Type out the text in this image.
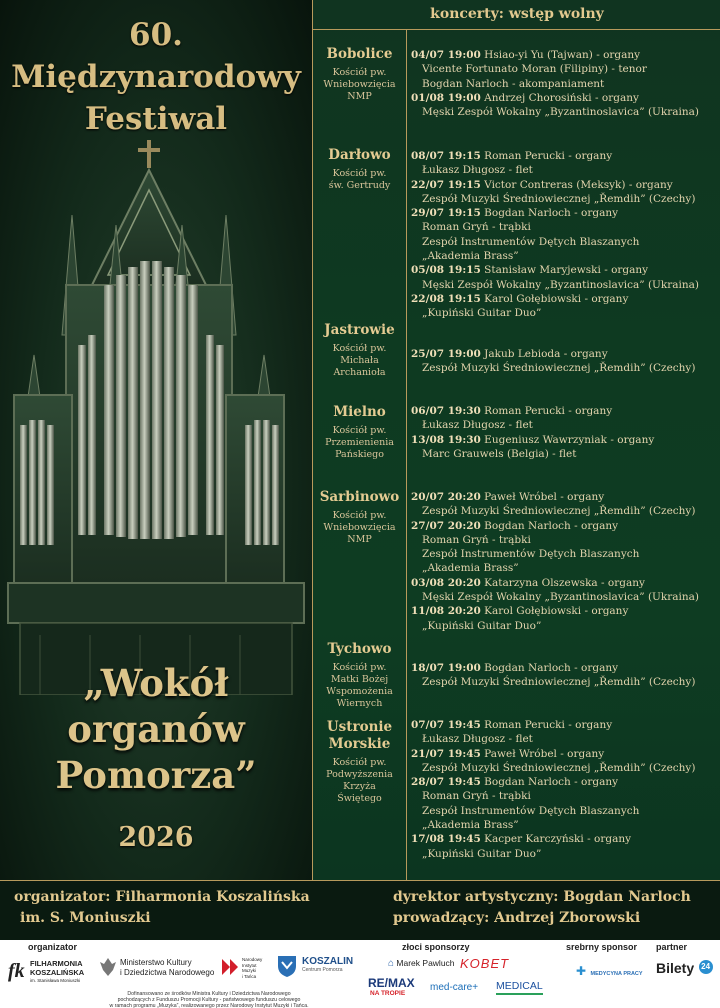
60.
Międzynarodowy
Festiwal
„Wokół
organów
Pomorza”
2026
koncerty: wstęp wolny
Bobolice
Kościół pw.
Wniebowzięcia
NMP
04/07 19:00 Hsiao-yi Yu (Tajwan) - organy
Vicente Fortunato Moran (Filipiny) - tenor
Bogdan Narloch - akompaniament
01/08 19:00 Andrzej Chorosiński - organy
Męski Zespół Wokalny „Byzantinoslavica” (Ukraina)
Darłowo
Kościół pw.
św. Gertrudy
08/07 19:15 Roman Perucki - organy
Łukasz Długosz - flet
22/07 19:15 Victor Contreras (Meksyk) - organy
Zespół Muzyki Średniowiecznej „Řemdih” (Czechy)
29/07 19:15 Bogdan Narloch - organy
Roman Gryń - trąbki
Zespół Instrumentów Dętych Blaszanych
„Akademia Brass”
05/08 19:15 Stanisław Maryjewski - organy
Męski Zespół Wokalny „Byzantinoslavica” (Ukraina)
22/08 19:15 Karol Gołębiowski - organy
„Kupiński Guitar Duo”
Jastrowie
Kościół pw.
Michała
Archanioła
25/07 19:00 Jakub Lebioda - organy
Zespół Muzyki Średniowiecznej „Řemdih” (Czechy)
Mielno
Kościół pw.
Przemienienia
Pańskiego
06/07 19:30 Roman Perucki - organy
Łukasz Długosz - flet
13/08 19:30 Eugeniusz Wawrzyniak - organy
Marc Grauwels (Belgia) - flet
Sarbinowo
Kościół pw.
Wniebowzięcia
NMP
20/07 20:20 Paweł Wróbel - organy
Zespół Muzyki Średniowiecznej „Řemdih” (Czechy)
27/07 20:20 Bogdan Narloch - organy
Roman Gryń - trąbki
Zespół Instrumentów Dętych Blaszanych
„Akademia Brass”
03/08 20:20 Katarzyna Olszewska - organy
Męski Zespół Wokalny „Byzantinoslavica” (Ukraina)
11/08 20:20 Karol Gołębiowski - organy
„Kupiński Guitar Duo”
Tychowo
Kościół pw.
Matki Bożej
Wspomożenia
Wiernych
18/07 19:00 Bogdan Narloch - organy
Zespół Muzyki Średniowiecznej „Řemdih” (Czechy)
Ustronie
Morskie
Kościół pw.
Podwyższenia
Krzyża
Świętego
07/07 19:45 Roman Perucki - organy
Łukasz Długosz - flet
21/07 19:45 Paweł Wróbel - organy
Zespół Muzyki Średniowiecznej „Řemdih” (Czechy)
28/07 19:45 Bogdan Narloch - organy
Roman Gryń - trąbki
Zespół Instrumentów Dętych Blaszanych
„Akademia Brass”
17/08 19:45 Kacper Karczyński - organy
„Kupiński Guitar Duo”
organizator: Filharmonia Koszalińska
im. S. Moniuszki
dyrektor artystyczny: Bogdan Narloch
prowadzący: Andrzej Zborowski
organizator	złoci sponsorzy	srebrny sponsor partner
fk FILHARMONIA
KOSZALIŃSKA
im. Stanisława Moniuszki
Ministerstwo Kultury
i Dziedzictwa Narodowego
Narodowy
Instytut
Muzyki
i Tańca
KOSZALIN
Centrum Pomorza
Dofinansowano ze środków Ministra Kultury i Dziedzictwa Narodowego
pochodzących z Funduszu Promocji Kultury - państwowego funduszu celowego
w ramach programu „Muzyka”, realizowanego przez Narodowy Instytut Muzyki i Tańca.
⌂ Marek Pawluch KOBET
RE/MAX
NA TROPIE
med-care+ MEDICAL
✚ MEDYCYNA PRACY Bilety 24
